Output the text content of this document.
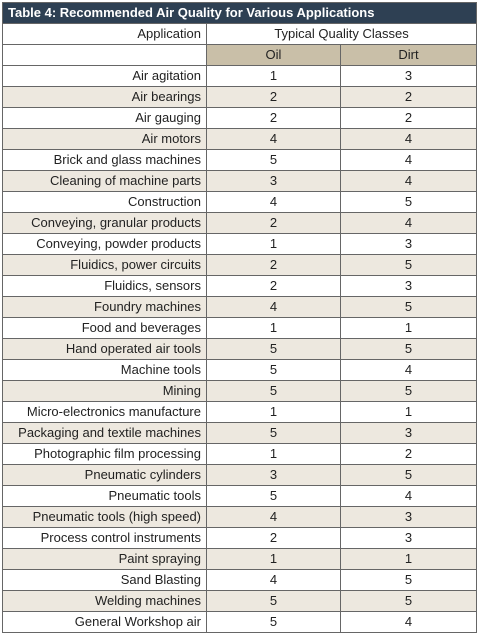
Table 4: Recommended Air Quality for Various Applications		
Application	Typical Quality Classes	
	Oil	Dirt
Air agitation	1	3
Air bearings	2	2
Air gauging	2	2
Air motors	4	4
Brick and glass machines	5	4
Cleaning of machine parts	3	4
Construction	4	5
Conveying, granular products	2	4
Conveying, powder products	1	3
Fluidics, power circuits	2	5
Fluidics, sensors	2	3
Foundry machines	4	5
Food and beverages	1	1
Hand operated air tools	5	5
Machine tools	5	4
Mining	5	5
Micro-electronics manufacture	1	1
Packaging and textile machines	5	3
Photographic film processing	1	2
Pneumatic cylinders	3	5
Pneumatic tools	5	4
Pneumatic tools (high speed)	4	3
Process control instruments	2	3
Paint spraying	1	1
Sand Blasting	4	5
Welding machines	5	5
General Workshop air	5	4
